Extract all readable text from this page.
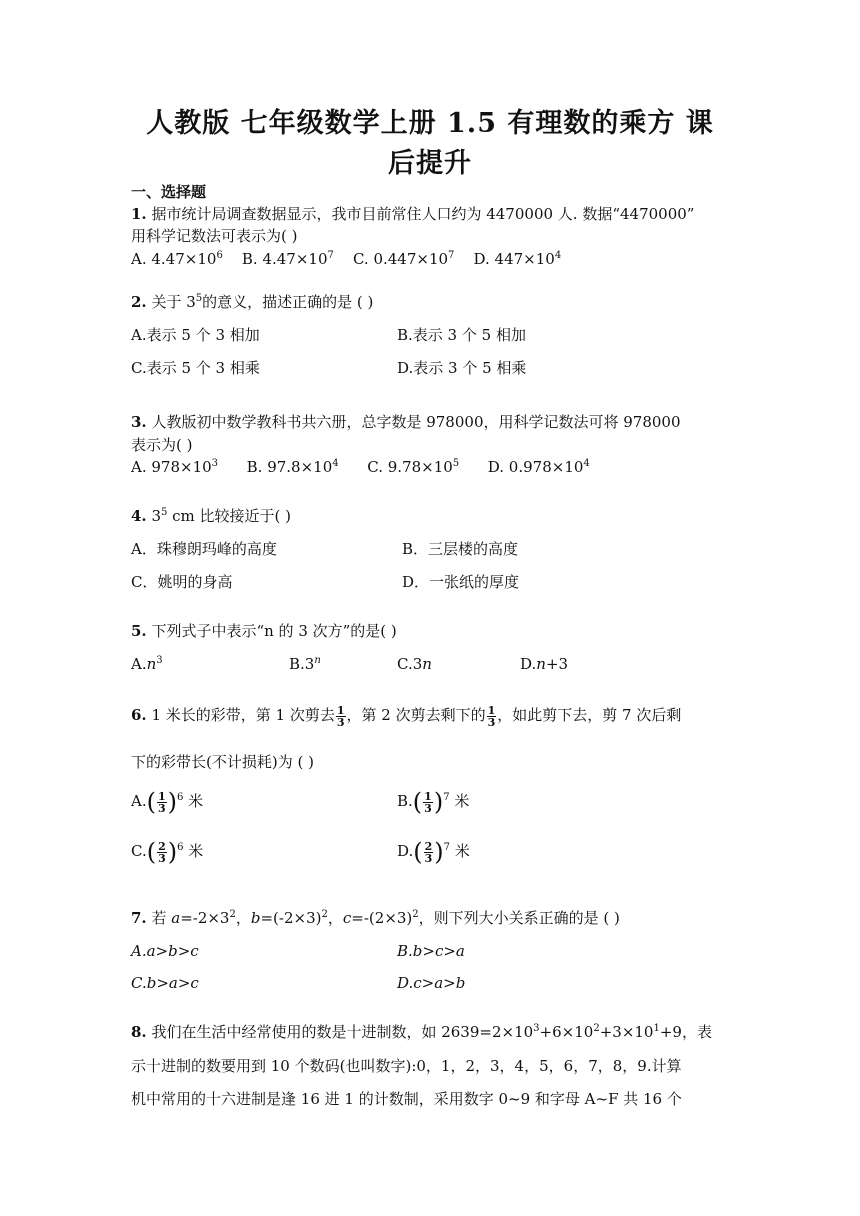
人教版 七年级数学上册 1.5 有理数的乘方 课
后提升
一、选择题
1. 据市统计局调查数据显示，我市目前常住人口约为 4470000 人. 数据“4470000”
用科学记数法可表示为( )
A. $4.47\times 10^6$ B. $4.47\times 10^7$ C. $0.447\times 10^7$ D. $447\times 10^4$
2. 关于 $3^5$的意义，描述正确的是 ( )
A.表示 5 个 3 相加	B.表示 3 个 5 相加
C.表示 5 个 3 相乘	D.表示 3 个 5 相乘
3. 人教版初中数学教科书共六册，总字数是 978000，用科学记数法可将 978000
表示为( )
A. $978\times 10^3$ B. $97.8\times 10^4$ C. $9.78\times 10^5$ D. $0.978\times 10^4$
4. $3^5$ cm 比较接近于( )
A．珠穆朗玛峰的高度	B．三层楼的高度
C．姚明的身高	D．一张纸的厚度
5. 下列式子中表示“n 的 3 次方”的是( )
$A.n^3$	B.3$^n$	C.3n	D.n+3
6. 1 米长的彩带，第 1 次剪去 $\frac{1}{3}$ ，第 2 次剪去剩下的 $\frac{1}{3}$ ，如此剪下去，剪 7 次后剩
下的彩带长(不计损耗)为 ( )
A. ( $\frac{1}{3}$ ) $^6$ 米	B. ( $\frac{1}{3}$ ) $^7$ 米
C. ( $\frac{2}{3}$ ) $^6$ 米	D. ( $\frac{2}{3}$ ) $^7$ 米
7. 若 $a=-2\times 3^2$，$b=(-2\times 3)^2$，$c=-(2\times 3)^2$，则下列大小关系正确的是 ( )
A.a>b>c	B.b>c>a
C.b>a>c	D.c>a>b
8. 我们在生活中经常使用的数是十进制数，如 $2639=2\times 10^3+6\times 10^2+3\times 10^1+9$，表
示十进制的数要用到 10 个数码(也叫数字):0，1，2，3，4，5，6，7，8，9.计算
机中常用的十六进制是逢 16 进 1 的计数制，采用数字 0~9 和字母 A~F 共 16 个
